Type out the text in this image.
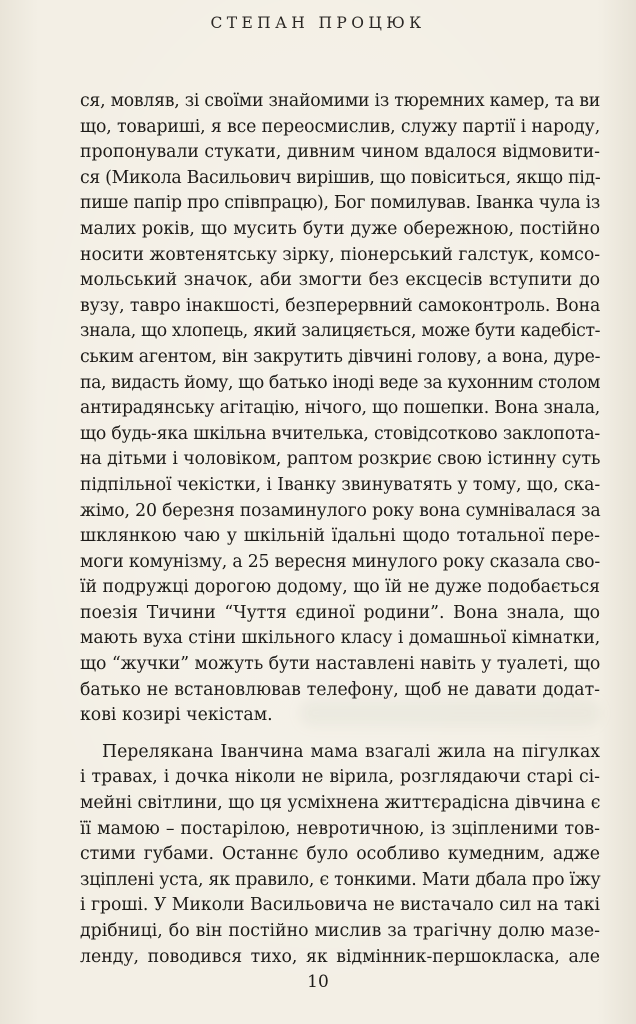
СТЕПАН ПРОЦЮК
ся, мовляв, зі своїми знайомими із тюремних камер, та ви
що, товариші, я все переосмислив, служу партії і народу,
пропонували стукати, дивним чином вдалося відмовити-
ся (Микола Васильович вирішив, що повіситься, якщо під-
пише папір про співпрацю), Бог помилував. Іванка чула із
малих років, що мусить бути дуже обережною, постійно
носити жовтенятську зірку, піонерський галстук, комсо-
мольський значок, аби змогти без ексцесів вступити до
вузу, тавро інакшості, безперервний самоконтроль. Вона
знала, що хлопець, який залицяється, може бути кадебіст-
ським агентом, він закрутить дівчині голову, а вона, дуре-
па, видасть йому, що батько іноді веде за кухонним столом
антирадянську агітацію, нічого, що пошепки. Вона знала,
що будь-яка шкільна вчителька, стовідсотково заклопота-
на дітьми і чоловіком, раптом розкриє свою істинну суть
підпільної чекістки, і Іванку звинуватять у тому, що, ска-
жімо, 20 березня позаминулого року вона сумнівалася за
шклянкою чаю у шкільній їдальні щодо тотальної пере-
моги комунізму, а 25 вересня минулого року сказала сво-
їй подружці дорогою додому, що їй не дуже подобається
поезія Тичини “Чуття єдиної родини”. Вона знала, що
мають вуха стіни шкільного класу і домашньої кімнатки,
що “жучки” можуть бути наставлені навіть у туалеті, що
батько не встановлював телефону, щоб не давати додат-
кові козирі чекістам.
Перелякана Іванчина мама взагалі жила на пігулках
і травах, і дочка ніколи не вірила, розглядаючи старі сі-
мейні світлини, що ця усміхнена життєрадісна дівчина є
її мамою – постарілою, невротичною, із зціпленими тов-
стими губами. Останнє було особливо кумедним, адже
зціплені уста, як правило, є тонкими. Мати дбала про їжу
і гроші. У Миколи Васильовича не вистачало сил на такі
дрібниці, бо він постійно мислив за трагічну долю мазе-
ленду, поводився тихо, як відмінник-першокласка, але
10
